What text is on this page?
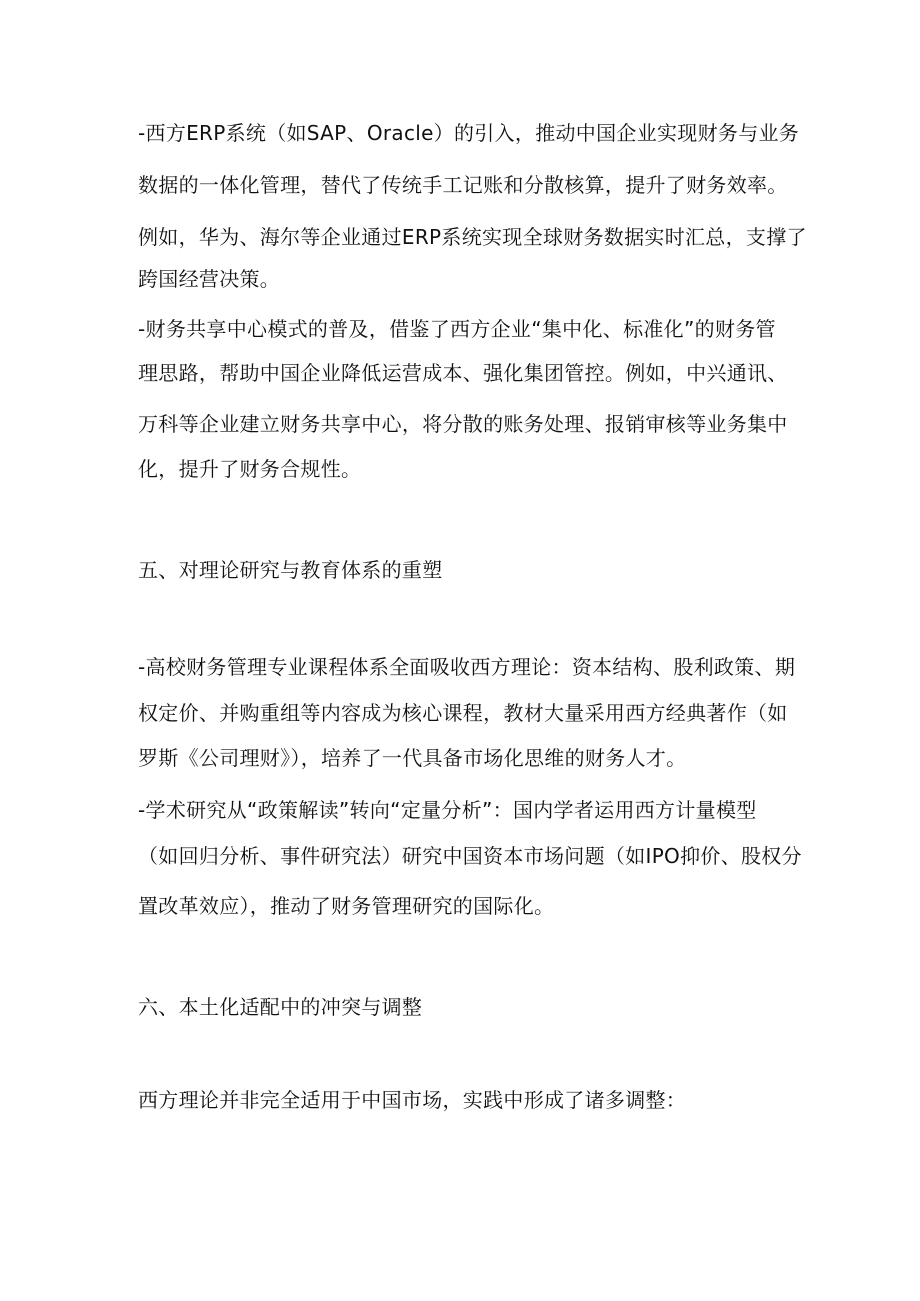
-西方ERP系统（如SAP、Oracle）的引入，推动中国企业实现财务与业务
数据的一体化管理，替代了传统手工记账和分散核算，提升了财务效率。
例如，华为、海尔等企业通过ERP系统实现全球财务数据实时汇总，支撑了
跨国经营决策。
-财务共享中心模式的普及，借鉴了西方企业“集中化、标准化”的财务管
理思路，帮助中国企业降低运营成本、强化集团管控。例如，中兴通讯、
万科等企业建立财务共享中心，将分散的账务处理、报销审核等业务集中
化，提升了财务合规性。
五、对理论研究与教育体系的重塑
-高校财务管理专业课程体系全面吸收西方理论：资本结构、股利政策、期
权定价、并购重组等内容成为核心课程，教材大量采用西方经典著作（如
罗斯《公司理财》），培养了一代具备市场化思维的财务人才。
-学术研究从“政策解读”转向“定量分析”：国内学者运用西方计量模型
（如回归分析、事件研究法）研究中国资本市场问题（如IPO抑价、股权分
置改革效应），推动了财务管理研究的国际化。
六、本土化适配中的冲突与调整
西方理论并非完全适用于中国市场，实践中形成了诸多调整：
